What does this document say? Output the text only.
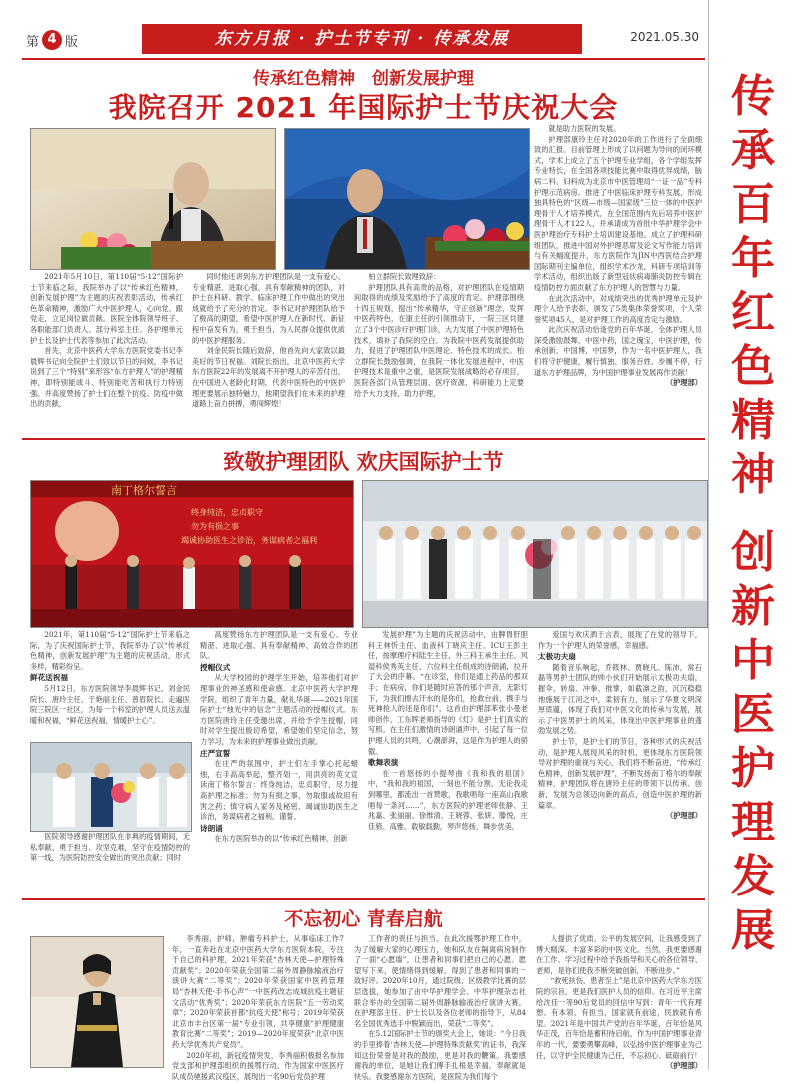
第 4 版	东方月报 · 护士节专刊 · 传承发展	2021.05.30
传承红色精神　创新发展护理
我院召开 2021 年国际护士节庆祝大会

2021年5月10日，第110届“5·12”国际护士节来临之际，我院举办了以“传承红色精神，创新发展护理”为主题的庆祝表彰活动，传承红色革命精神，激励广大中医护理人，心向党、跟党走，立足岗位做贡献。医院全体院领导班子、各职能部门负责人、部分科室主任、各护理单元护士长及护士代表等参加了此次活动。

首先，北京中医药大学东方医院党委书记李晨辉书记向全院护士们致以节日的问候，李书记说到了三个“特别”来形容“东方护理人”的护理精神，即特别能战斗、特别能吃苦和执行力特别强。并高度赞扬了护士们在整个抗疫、防疫中做出的贡献，

同时他还讲到东方护理团队是一支有爱心、专业精湛、进取心强、具有奉献精神的团队，对护士在科研、教学、临床护理工作中做出的突出成就给予了充分的肯定。李书记对护理团队给予了极高的期望，希望中医护理人在新时代、新征程中奋发有为，勇于担当，为人民群众提供优质的中医护理服务。

刘金民院长随后致辞，他首先向大家致以最美好的节日祝福。刘院长指出，北京中医药大学东方医院22年的发展离不开护理人的辛苦付出，在中国进入老龄化时期，代表中医特色的中医护理更要展示独特魅力，他期望我们在未来的护理道路上奋力拼搏，勇闯辉煌！

柏立群院长致理致辞：

护理团队具有高贵的品格，对护理团队在疫情期间取得的成绩及奖励给予了高度的肯定。护理部围绕十四五规划，提出“传承精华，守正创新”理念，发挥中医药特色，在康主任的引领推动下，一院三区共建立了3个中医诊疗护理门诊，大力发展了中医护理特色技术，填补了我院的空白。为我院中医药发展提供助力，促进了护理团队中医理论、特色技术的成长。柏立群院长鼓励强调，在我院一体化发展进程中，中医护理技术是重中之重，是医院发展战略的必存项目，医院各部门从管理层面、医疗资源、科研能力上定要给予大力支持，助力护理，

就是助力医院的发展。

护理部康玲主任对2020年的工作进行了全面细致的汇报。目前管理上形成了以问题为导向的闭环模式，学术上成立了五个护理专业学组，各个学组发挥专业特长，在全国各项技能比赛中取得优异成绩，脑病二科、妇科成为北京市中医管理局“一证一品”专科护理示范病房。推进了中医临床护理专科发展，形成独具特色的“区级—市级—国家级”三位一体的中医护理骨干人才培养模式，在全国范围内先后培养中医护理骨干人才122人，并承请成为首批中华护理学会中医护理治疗专科护士培训建设基地。成立了护理科研组团队，推进中国对外护理恶席及论文写作能力培训与有关幅度提升，东方医院作为JIN中西医结合护理国际期刊主编单位，组织学术沙龙，科研专项培训等学术活动，组织出版了新型冠状病毒肺炎防控专辑在疫情防控方面贡献了东方护理人的智慧与力量。

在此次活动中，对成绩突出的优秀护理单元及护理个人给予表彰，颁发了5类集体荣誉奖项，个人荣誉奖项45人，是对护理工作的高度肯定与激励。

此次庆祝活动恰逢党的百年华诞，全体护理人员深受激励鼓舞，中医中药，国之瑰宝，中医护理，传承创新，中国博，中国梦，作为一名中医护理人，我们将守护健康，履行慎独、服务百姓、步履不停，行道东方护理品牌，为中国护理事业发展再作贡献！

（护理部）

致敬护理团队 欢庆国际护士节
南丁格尔誓言
终身纯洁，忠贞职守
勿为有损之事
竭诚协助医生之诊治，务谋病者之福利

2021年，第110届“5·12”国际护士节来临之际，为了庆祝国际护士节，我院举办了以“传承红色精神，创新发展护理”为主题的庆祝活动，形式多样，精彩纷呈。

鲜花送祝福

5月12日，东方医院领导李晨辉书记、刘金民院长、唐玲主任、于艳丽主任、曾眉院长、走遍医院三院区一社区，为每一个科室的护理人员送去温暖和祝福，“鲜花送祝福，情暖护士心”。

医院领导感谢护理团队在非典的疫情期间，无私奉献、勇于担当、攻坚克难，坚守在疫情防控的第一线，为医院防控安全做出的突出贡献；同时

高度赞扬东方护理团队是一支有爱心、专业精湛、进取心强、具有奉献精神、高效合作的团队。

授帽仪式

从大学校园的护理学生开始，培养他们对护理事业的神圣感和使命感。北京中医药大学护理学院，组织了青年力量，献礼华诞——2021年国际护士“烛光中的信念”主题活动的授帽仪式。东方医院唐玲主任受邀出席，并给予学生授帽，同时对学生提出殷切希望，希望她们坚定信念，努力学习，为未来的护理事业做出贡献。

庄严宣誓

在庄严的氛围中，护士们左手掌心托起蜡烛，右手高高举起，整齐划一，用洪亮的英文宣读南丁格尔誓言：终身纯洁，忠贞职守，尽力提高护理之标准；勿为有损之事，勿取服或故用有害之药；慎守病人家务及秘密，竭诚协助医生之诊治，务谋病者之福利。谨誓。

诗朗诵

在东方医院举办的以“传承红色精神，创新

发展护理”为主题的庆祝活动中，由脾胃肝胆科王林忻主任、血液科丁晓庆主任、ICU王彭主任，按摩理疗科陆生主任、外三科王承生主任、风湿科侯秀英主任、六位科主任组成的诗朗诵，拉开了大会的序幕。“在诊室，你们是通上药品的那双手；在病房，你们是随时应答的那个声音，无影灯下，为我们擦去汗水的是你们，抢救台前，携手与死神抢人的还是你们”，这首由护理部苯张小曼老师创作，工东晖老师指导的《灯》是护士们真实的写照。在主任们激情的诗朗诵声中，引起了每一位护理人员的共鸣，心潮澎湃，这是作为护理人的骄傲。

歌舞表演

在一首悠扬的小提琴曲《我和我的祖国》中，“我和我的祖国，一刻也不能分割，无论我走到哪里，都流出一首赞歌，我歌唱每一座高山我歌唱每一条河……”，东方医院的护理老师张静、王兆嘉、张丽丽、徐维清、王晓蓉、张妍、滕悦，庄佳骑、高雅、载敏载勤，琴声悠扬，舞步优美，

爱国与欢庆洒于言表，展现了在党的领导下，作为一个护理人的荣誉感，幸福感。

太极功夫扇

随着音乐响起，乔筱林、贾晓凡、陈沛，常石磊等男护士团队的帅小伙们开始展示太极功夫扇，握伞、转扇、冲拳、推掌，如截凛之韵，沉沉稳稳地施展于江河之中，柔韧有力，展示了华夏文明深厚底蕴，体现了我们对中医文化的传承与发展，展示了中医男护士的风采，体现出中医护理事业的蓬勃发展之势。

护士节，是护士们的节日，各种形式的庆祝活动，是护理人展现风采的时机，更体现东方医院领导对护理的重视与关心，我们将不断奋进，“传承红色精神，创新发展护理”，不断发扬南丁格尔的奉献精神，护理团队将在唐玲主任的带领下以传承、创新，发展为总领迈向新的高点，创造中医护理的新篇章。

（护理部）

不忘初心 青春启航

李秀丽，护师，肿瘤专科护士，从事临床工作7年，一直奔赴在北京中医药大学东方医院本院，专注于自己的科护理，2021年荣获“杏林天使—护理特殊贡献奖”；2020年荣获全国第二届外周静脉输液治疗演讲大赛“二等奖”；2020年荣获国家中医药管理局“杏林天使·手书心声”一中医药改志成城抗疫主题征文活动“优秀奖”；2020年荣获东方医院“五一劳动奖章”；2020年荣获首都“抗疫天使”称号；2019年荣获北京市丰台区第一届“专业引领，共享健康”护理健康教育比赛“二等奖”；2019—2020年度荣获“北京中医药大学优秀共产党员”。

2020年初，新冠疫情突发，李秀丽积极报名参加党支部和护理部组织的援鄂行动，作为国家中医医疗队成员驰援武汉疫区，展现出一名90后党员护理

工作者的责任与担当。在此次援鄂护理工作中，为了缓解大家的心理压力，她和队友在隔离病房制作了一面“心愿墙”，让患者和同事们把自己的心愿、愿望写下来，使情绪得到缓解，得到了患者和同事的一致好评。2020年10月，通过院级、区级教学比赛的层层选拔，她参加了由中华护理学会、中华护理杂志社联合举办的全国第二届外周静脉输液治疗演讲大赛，在护理部主任、护士长以及各位老师的指导下，从84名全国优秀选手中脱颖而出，荣获“二等奖”。

在5.12国际护士节的颁奖大会上，她说：“今日我的手里捧着‘杏林天使—护理特殊贡献奖’的证书，我深知这份荣誉是对我的鼓励，更是对我的鞭策。我要感谢我的单位，是她让我们傅手扎根是幸福，奉献就是快乐。我要感谢东方医院，是医院为我们每个

人提供了优质、公平的发展空间，让我感受到了博大精深、丰富多彩的中医文化。当然，我更要感谢在工作、学习过程中给予我指导和关心的各位领导、老师，是你们使我不断突破创新，不断进步。”

“救死扶伤，患者至上”是北京中医药大学东方医院的宗旨，更是我们医护人员的信仰。在习近平主席给沈佳一等90后党员的回信中写到：青年一代有理想、有本领、有担当，国家就有前途，民族就有希望。2021年是中国共产党的百年华诞，百年恰是风华正茂，百年恰是蓄积待启航，作为中国护理事业青年的一代，要要勇攀高峰，以弘扬中医护理事业为己任，以守护全民健康为己任，不忘初心、砥砺前行！

（护理部）

传
承
百
年
红
色
精
神
创
新
中
医
护
理
发
展
